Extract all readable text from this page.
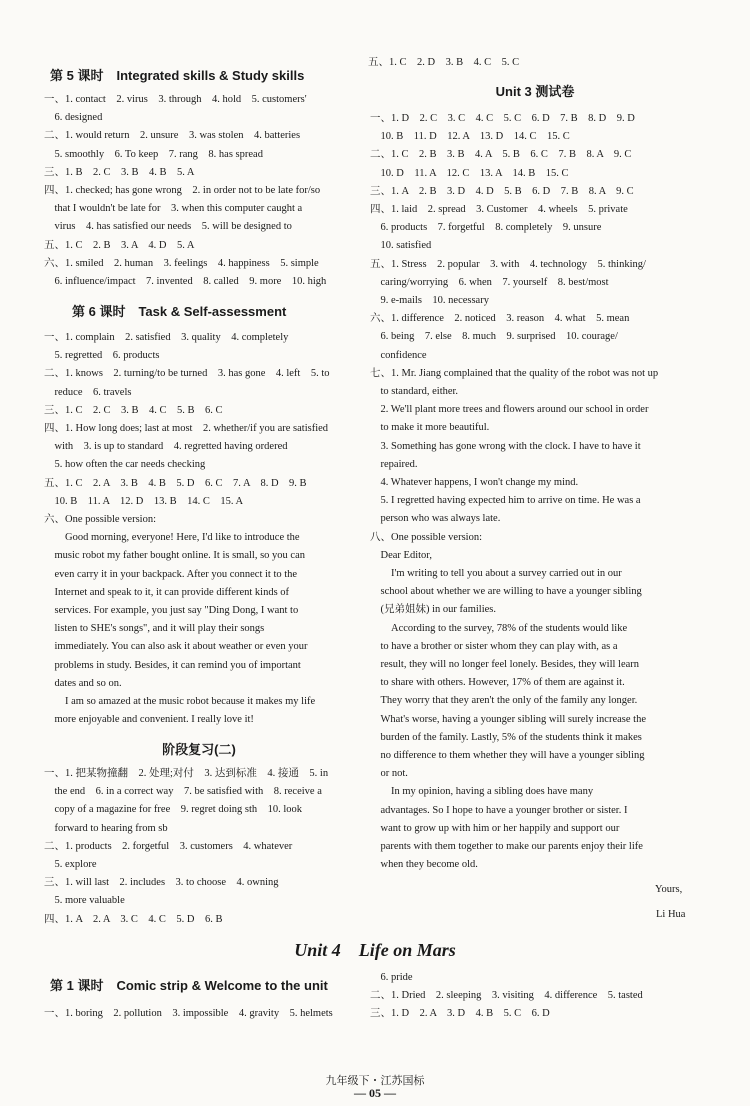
第 5 课时　Integrated skills & Study skills
一、1. contact　2. virus　3. through　4. hold　5. customers'
　6. designed
二、1. would return　2. unsure　3. was stolen　4. batteries
　5. smoothly　6. To keep　7. rang　8. has spread
三、1. B　2. C　3. B　4. B　5. A
四、1. checked; has gone wrong　2. in order not to be late for/so
　that I wouldn't be late for　3. when this computer caught a
　virus　4. has satisfied our needs　5. will be designed to
五、1. C　2. B　3. A　4. D　5. A
六、1. smiled　2. human　3. feelings　4. happiness　5. simple
　6. influence/impact　7. invented　8. called　9. more　10. high
第 6 课时　Task & Self-assessment
一、1. complain　2. satisfied　3. quality　4. completely
　5. regretted　6. products
二、1. knows　2. turning/to be turned　3. has gone　4. left　5. to
　reduce　6. travels
三、1. C　2. C　3. B　4. C　5. B　6. C
四、1. How long does; last at most　2. whether/if you are satisfied
　with　3. is up to standard　4. regretted having ordered
　5. how often the car needs checking
五、1. C　2. A　3. B　4. B　5. D　6. C　7. A　8. D　9. B
　10. B　11. A　12. D　13. B　14. C　15. A
六、One possible version:
　　Good morning, everyone! Here, I'd like to introduce the
　music robot my father bought online. It is small, so you can
　even carry it in your backpack. After you connect it to the
　Internet and speak to it, it can provide different kinds of
　services. For example, you just say "Ding Dong, I want to
　listen to SHE's songs", and it will play their songs
　immediately. You can also ask it about weather or even your
　problems in study. Besides, it can remind you of important
　dates and so on.
　　I am so amazed at the music robot because it makes my life
　more enjoyable and convenient. I really love it!
阶段复习(二)
一、1. 把某物撞翻　2. 处理;对付　3. 达到标准　4. 接通　5. in
　the end　6. in a correct way　7. be satisfied with　8. receive a
　copy of a magazine for free　9. regret doing sth　10. look
　forward to hearing from sb
二、1. products　2. forgetful　3. customers　4. whatever
　5. explore
三、1. will last　2. includes　3. to choose　4. owning
　5. more valuable
四、1. A　2. A　3. C　4. C　5. D　6. B
五、1. C　2. D　3. B　4. C　5. C
Unit 3 测试卷
一、1. D　2. C　3. C　4. C　5. C　6. D　7. B　8. D　9. D
　10. B　11. D　12. A　13. D　14. C　15. C
二、1. C　2. B　3. B　4. A　5. B　6. C　7. B　8. A　9. C
　10. D　11. A　12. C　13. A　14. B　15. C
三、1. A　2. B　3. D　4. D　5. B　6. D　7. B　8. A　9. C
四、1. laid　2. spread　3. Customer　4. wheels　5. private
　6. products　7. forgetful　8. completely　9. unsure
　10. satisfied
五、1. Stress　2. popular　3. with　4. technology　5. thinking/
　caring/worrying　6. when　7. yourself　8. best/most
　9. e-mails　10. necessary
六、1. difference　2. noticed　3. reason　4. what　5. mean
　6. being　7. else　8. much　9. surprised　10. courage/
　confidence
七、1. Mr. Jiang complained that the quality of the robot was not up
　to standard, either.
　2. We'll plant more trees and flowers around our school in order
　to make it more beautiful.
　3. Something has gone wrong with the clock. I have to have it
　repaired.
　4. Whatever happens, I won't change my mind.
　5. I regretted having expected him to arrive on time. He was a
　person who was always late.
八、One possible version:
　Dear Editor,
　　I'm writing to tell you about a survey carried out in our
　school about whether we are willing to have a younger sibling
　(兄弟姐妹) in our families.
　　According to the survey, 78% of the students would like
　to have a brother or sister whom they can play with, as a
　result, they will no longer feel lonely. Besides, they will learn
　to share with others. However, 17% of them are against it.
　They worry that they aren't the only of the family any longer.
　What's worse, having a younger sibling will surely increase the
　burden of the family. Lastly, 5% of the students think it makes
　no difference to them whether they will have a younger sibling
　or not.
　　In my opinion, having a sibling does have many
　advantages. So I hope to have a younger brother or sister. I
　want to grow up with him or her happily and support our
　parents with them together to make our parents enjoy their life
　when they become old.
Yours,
Li Hua
Unit 4　Life on Mars
第 1 课时　Comic strip & Welcome to the unit
一、1. boring　2. pollution　3. impossible　4. gravity　5. helmets
　6. pride
二、1. Dried　2. sleeping　3. visiting　4. difference　5. tasted
三、1. D　2. A　3. D　4. B　5. C　6. D
九年级下・江苏国标
— 05 —
